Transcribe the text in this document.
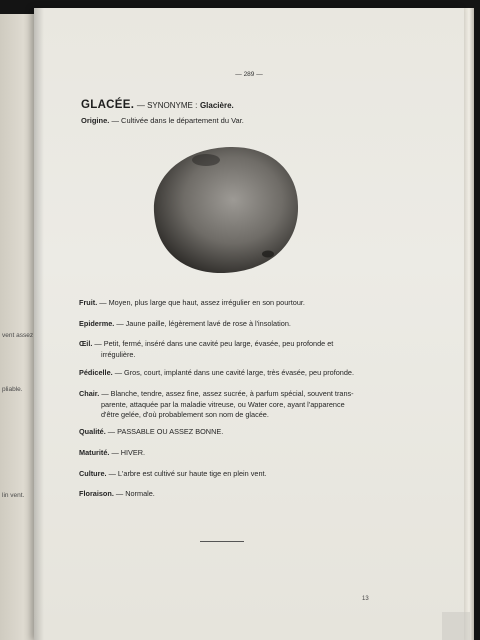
vent assez
pliable.
lin vent.
— 289 —
GLACÉE. — SYNONYME : Glacière.
Origine. — Cultivée dans le département du Var.
Fruit. — Moyen, plus large que haut, assez irrégulier en son pourtour.
Epiderme. — Jaune paille, légèrement lavé de rose à l'insolation.
Œil. — Petit, fermé, inséré dans une cavité peu large, évasée, peu profonde et
irrégulière.
Pédicelle. — Gros, court, implanté dans une cavité large, très évasée, peu profonde.
Chair. — Blanche, tendre, assez fine, assez sucrée, à parfum spécial, souvent trans-
parente, attaquée par la maladie vitreuse, ou Water core, ayant l'apparence
d'être gelée, d'où probablement son nom de glacée.
Qualité. — PASSABLE OU ASSEZ BONNE.
Maturité. — HIVER.
Culture. — L'arbre est cultivé sur haute tige en plein vent.
Floraison. — Normale.
13
